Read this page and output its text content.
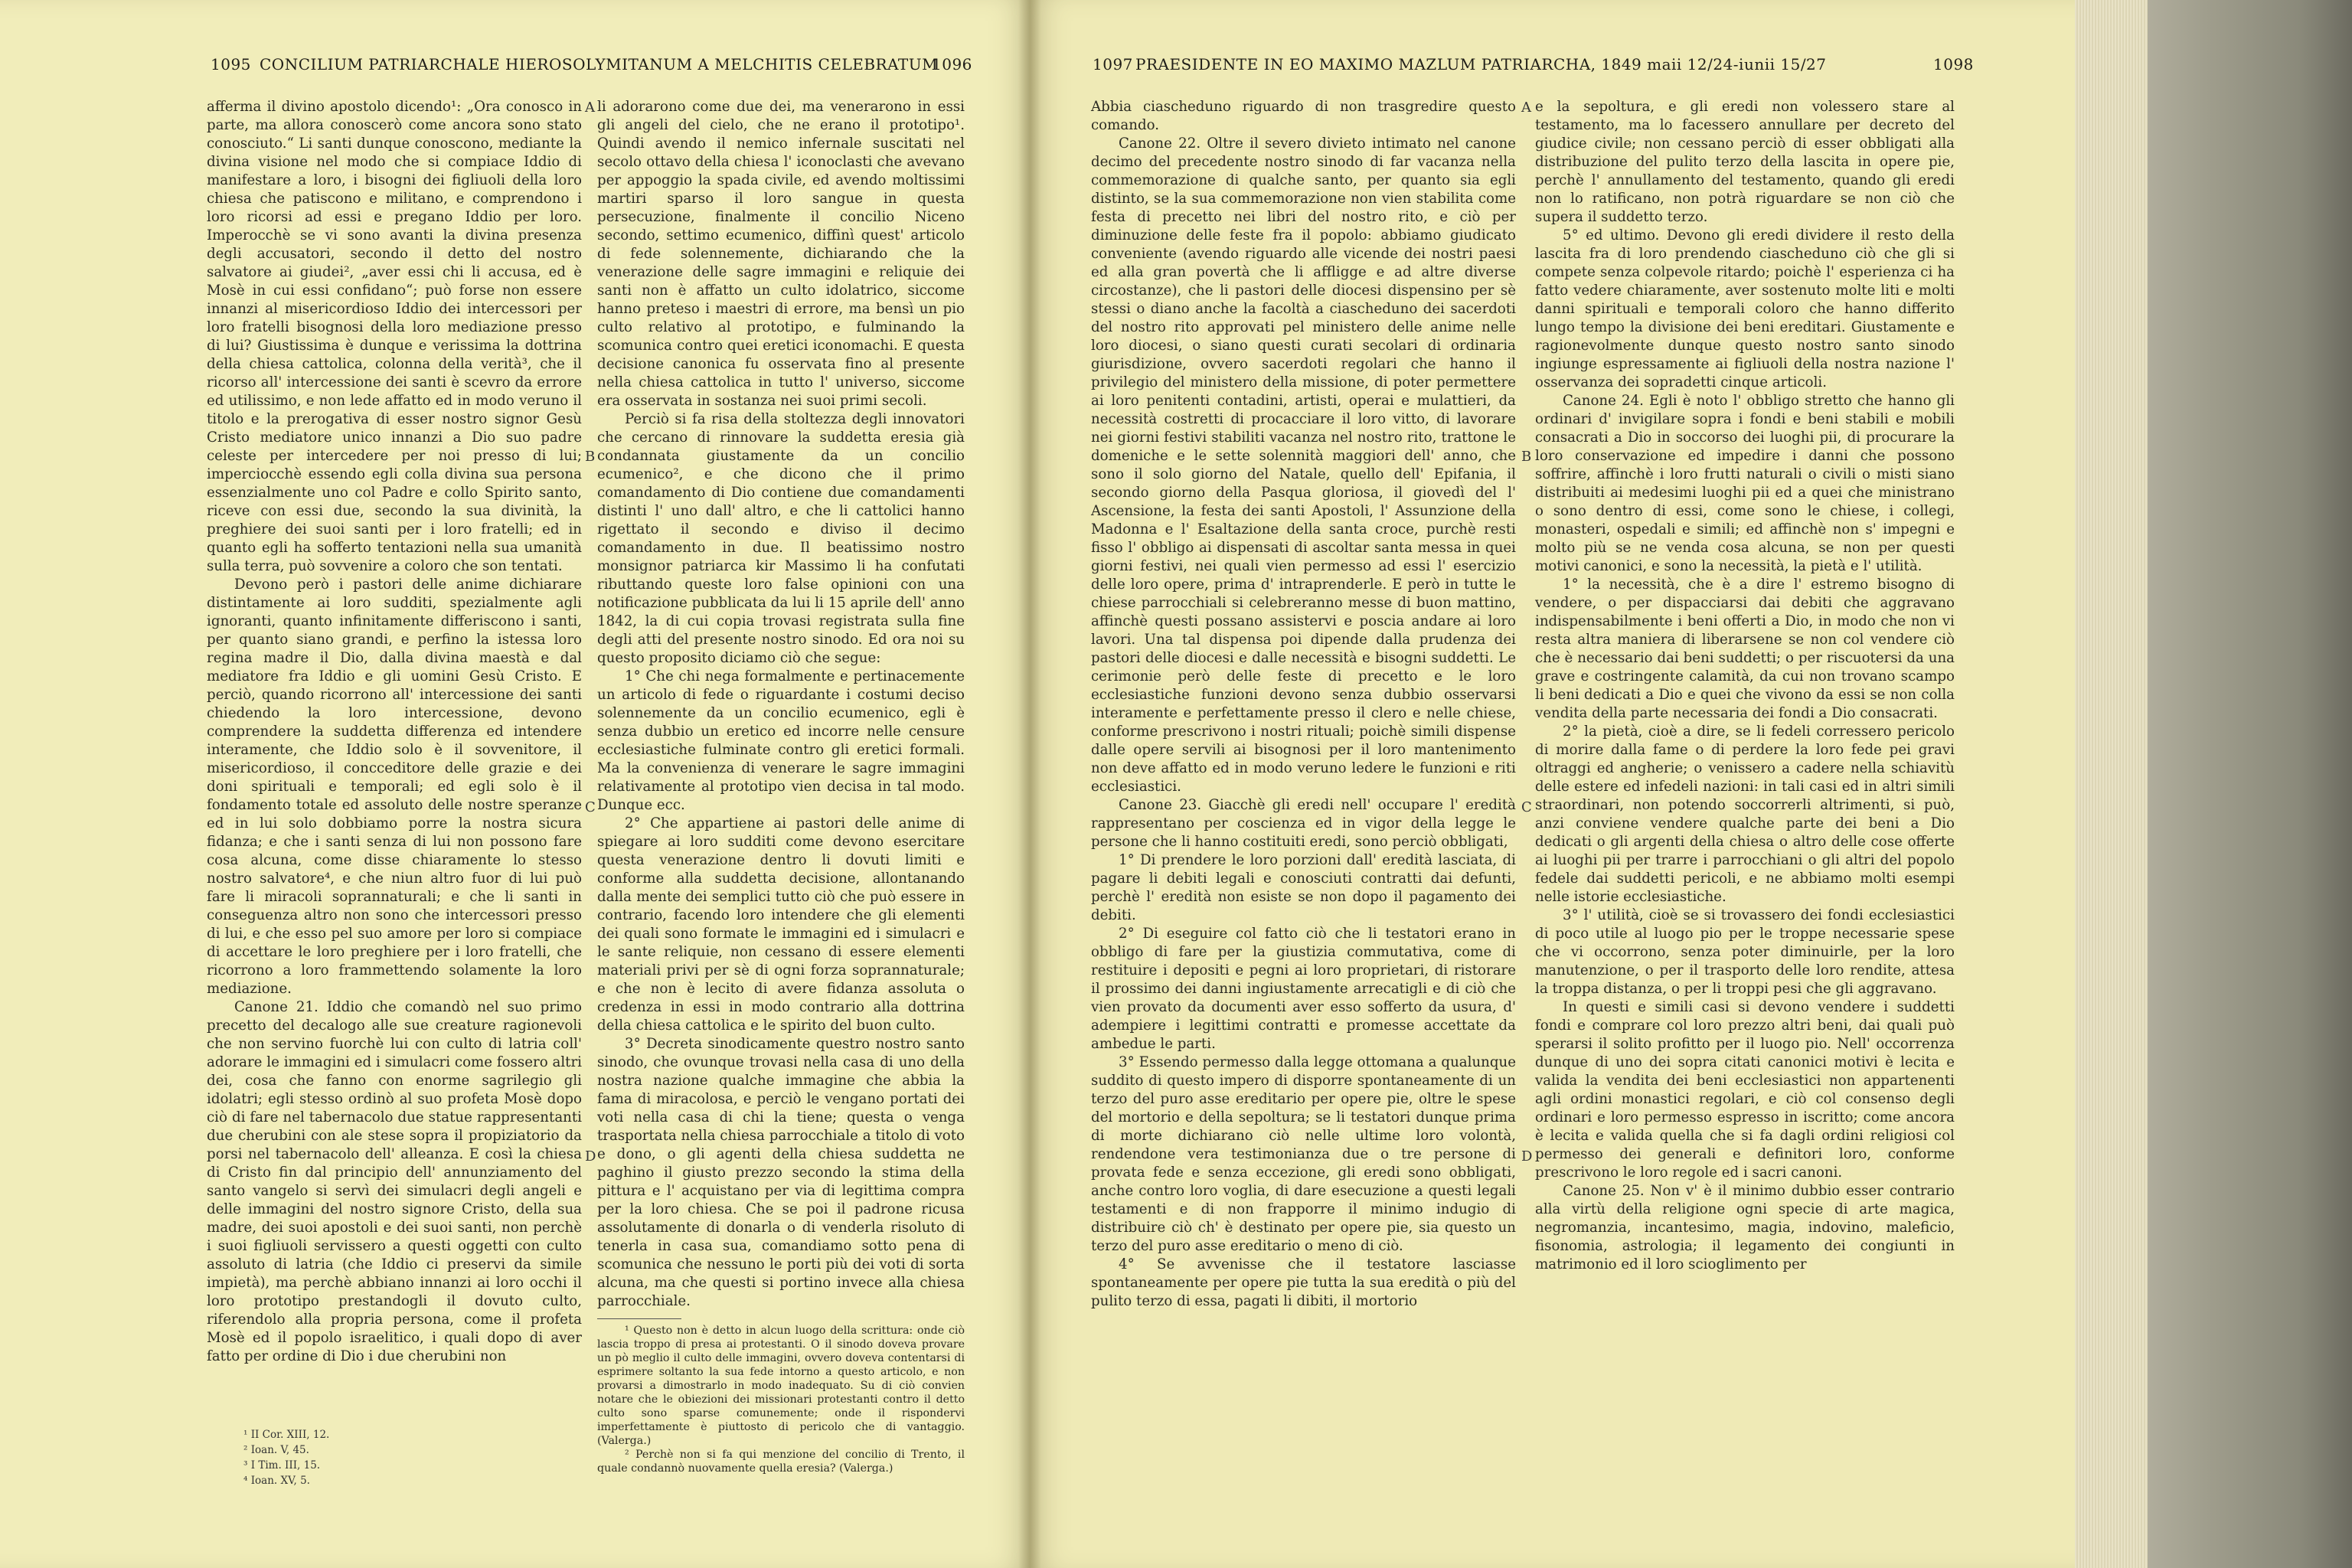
1095 CONCILIUM PATRIARCHALE HIEROSOLYMITANUM A MELCHITIS CELEBRATUM
1096

afferma il divino apostolo dicendo¹: „Ora conosco in parte, ma allora conoscerò come ancora sono stato conosciuto.“ Li santi dunque conoscono, mediante la divina visione nel modo che si compiace Iddio di manifestare a loro, i bisogni dei figliuoli della loro chiesa che patiscono e militano, e comprendono i loro ricorsi ad essi e pregano Iddio per loro. Imperocchè se vi sono avanti la divina presenza degli accusatori, secondo il detto del nostro salvatore ai giudei², „aver essi chi li accusa, ed è Mosè in cui essi confidano“; può forse non essere innanzi al misericordioso Iddio dei intercessori per loro fratelli bisognosi della loro mediazione presso di lui? Giustissima è dunque e verissima la dottrina della chiesa cattolica, colonna della verità³, che il ricorso all' intercessione dei santi è scevro da errore ed utilissimo, e non lede affatto ed in modo veruno il titolo e la prerogativa di esser nostro signor Gesù Cristo mediatore unico innanzi a Dio suo padre celeste per intercedere per noi presso di lui; imperciocchè essendo egli colla divina sua persona essenzialmente uno col Padre e collo Spirito santo, riceve con essi due, secondo la sua divinità, la preghiere dei suoi santi per i loro fratelli; ed in quanto egli ha sofferto tentazioni nella sua umanità sulla terra, può sovvenire a coloro che son tentati.

Devono però i pastori delle anime dichiarare distintamente ai loro sudditi, spezialmente agli ignoranti, quanto infinitamente differiscono i santi, per quanto siano grandi, e perfino la istessa loro regina madre il Dio, dalla divina maestà e dal mediatore fra Iddio e gli uomini Gesù Cristo. E perciò, quando ricorrono all' intercessione dei santi chiedendo la loro intercessione, devono comprendere la suddetta differenza ed intendere interamente, che Iddio solo è il sovvenitore, il misericordioso, il concceditore delle grazie e dei doni spirituali e temporali; ed egli solo è il fondamento totale ed assoluto delle nostre speranze ed in lui solo dobbiamo porre la nostra sicura fidanza; e che i santi senza di lui non possono fare cosa alcuna, come disse chiaramente lo stesso nostro salvatore⁴, e che niun altro fuor di lui può fare li miracoli soprannaturali; e che li santi in conseguenza altro non sono che intercessori presso di lui, e che esso pel suo amore per loro si compiace di accettare le loro preghiere per i loro fratelli, che ricorrono a loro frammettendo solamente la loro mediazione.

Canone 21. Iddio che comandò nel suo primo precetto del decalogo alle sue creature ragionevoli che non servino fuorchè lui con culto di latria coll' adorare le immagini ed i simulacri come fossero altri dei, cosa che fanno con enorme sagrilegio gli idolatri; egli stesso ordinò al suo profeta Mosè dopo ciò di fare nel tabernacolo due statue rappresentanti due cherubini con ale stese sopra il propiziatorio da porsi nel tabernacolo dell' alleanza. E così la chiesa di Cristo fin dal principio dell' annunziamento del santo vangelo si servì dei simulacri degli angeli e delle immagini del nostro signore Cristo, della sua madre, dei suoi apostoli e dei suoi santi, non perchè i suoi figliuoli servissero a questi oggetti con culto assoluto di latria (che Iddio ci preservi da simile impietà), ma perchè abbiano innanzi ai loro occhi il loro prototipo prestandogli il dovuto culto, riferendolo alla propria persona, come il profeta Mosè ed il popolo israelitico, i quali dopo di aver fatto per ordine di Dio i due cherubini non

¹ II Cor. XIII, 12.
² Ioan. V, 45.
³ I Tim. III, 15.
⁴ Ioan. XV, 5.
A
B
C
D

li adorarono come due dei, ma venerarono in essi gli angeli del cielo, che ne erano il prototipo¹. Quindi avendo il nemico infernale suscitati nel secolo ottavo della chiesa l' iconoclasti che avevano per appoggio la spada civile, ed avendo moltissimi martiri sparso il loro sangue in questa persecuzione, finalmente il concilio Niceno secondo, settimo ecumenico, diffinì quest' articolo di fede solennemente, dichiarando che la venerazione delle sagre immagini e reliquie dei santi non è affatto un culto idolatrico, siccome hanno preteso i maestri di errore, ma bensì un pio culto relativo al prototipo, e fulminando la scomunica contro quei eretici iconomachi. E questa decisione canonica fu osservata fino al presente nella chiesa cattolica in tutto l' universo, siccome era osservata in sostanza nei suoi primi secoli.

Perciò si fa risa della stoltezza degli innovatori che cercano di rinnovare la suddetta eresia già condannata giustamente da un concilio ecumenico², e che dicono che il primo comandamento di Dio contiene due comandamenti distinti l' uno dall' altro, e che li cattolici hanno rigettato il secondo e diviso il decimo comandamento in due. Il beatissimo nostro monsignor patriarca kir Massimo li ha confutati ributtando queste loro false opinioni con una notificazione pubblicata da lui li 15 aprile dell' anno 1842, la di cui copia trovasi registrata sulla fine degli atti del presente nostro sinodo. Ed ora noi su questo proposito diciamo ciò che segue:

1° Che chi nega formalmente e pertinacemente un articolo di fede o riguardante i costumi deciso solennemente da un concilio ecumenico, egli è senza dubbio un eretico ed incorre nelle censure ecclesiastiche fulminate contro gli eretici formali. Ma la convenienza di venerare le sagre immagini relativamente al prototipo vien decisa in tal modo. Dunque ecc.

2° Che appartiene ai pastori delle anime di spiegare ai loro sudditi come devono esercitare questa venerazione dentro li dovuti limiti e conforme alla suddetta decisione, allontanando dalla mente dei semplici tutto ciò che può essere in contrario, facendo loro intendere che gli elementi dei quali sono formate le immagini ed i simulacri e le sante reliquie, non cessano di essere elementi materiali privi per sè di ogni forza soprannaturale; e che non è lecito di avere fidanza assoluta o credenza in essi in modo contrario alla dottrina della chiesa cattolica e le spirito del buon culto.

3° Decreta sinodicamente questro nostro santo sinodo, che ovunque trovasi nella casa di uno della nostra nazione qualche immagine che abbia la fama di miracolosa, e perciò le vengano portati dei voti nella casa di chi la tiene; questa o venga trasportata nella chiesa parrocchiale a titolo di voto e dono, o gli agenti della chiesa suddetta ne paghino il giusto prezzo secondo la stima della pittura e l' acquistano per via di legittima compra per la loro chiesa. Che se poi il padrone ricusa assolutamente di donarla o di venderla risoluto di tenerla in casa sua, comandiamo sotto pena di scomunica che nessuno le porti più dei voti di sorta alcuna, ma che questi si portino invece alla chiesa parrocchiale.

¹ Questo non è detto in alcun luogo della scrittura: onde ciò lascia troppo di presa ai protestanti. O il sinodo doveva provare un pò meglio il culto delle immagini, ovvero doveva contentarsi di esprimere soltanto la sua fede intorno a questo articolo, e non provarsi a dimostrarlo in modo inadequato. Su di ciò convien notare che le obiezioni dei missionari protestanti contro il detto culto sono sparse comunemente; onde il rispondervi imperfettamente è piuttosto di pericolo che di vantaggio. (Valerga.)

² Perchè non si fa qui menzione del concilio di Trento, il quale condannò nuovamente quella eresia? (Valerga.)

1097 PRAESIDENTE IN EO MAXIMO MAZLUM PATRIARCHA, 1849 maii 12/24-iunii 15/27	1098

Abbia ciascheduno riguardo di non trasgredire questo comando.

Canone 22. Oltre il severo divieto intimato nel canone decimo del precedente nostro sinodo di far vacanza nella commemorazione di qualche santo, per quanto sia egli distinto, se la sua commemorazione non vien stabilita come festa di precetto nei libri del nostro rito, e ciò per diminuzione delle feste fra il popolo: abbiamo giudicato conveniente (avendo riguardo alle vicende dei nostri paesi ed alla gran povertà che li affligge e ad altre diverse circostanze), che li pastori delle diocesi dispensino per sè stessi o diano anche la facoltà a ciascheduno dei sacerdoti del nostro rito approvati pel ministero delle anime nelle loro diocesi, o siano questi curati secolari di ordinaria giurisdizione, ovvero sacerdoti regolari che hanno il privilegio del ministero della missione, di poter permettere ai loro penitenti contadini, artisti, operai e mulattieri, da necessità costretti di procacciare il loro vitto, di lavorare nei giorni festivi stabiliti vacanza nel nostro rito, trattone le domeniche e le sette solennità maggiori dell' anno, che sono il solo giorno del Natale, quello dell' Epifania, il secondo giorno della Pasqua gloriosa, il giovedì del l' Ascensione, la festa dei santi Apostoli, l' Assunzione della Madonna e l' Esaltazione della santa croce, purchè resti fisso l' obbligo ai dispensati di ascoltar santa messa in quei giorni festivi, nei quali vien permesso ad essi l' esercizio delle loro opere, prima d' intraprenderle. E però in tutte le chiese parrocchiali si celebreranno messe di buon mattino, affinchè questi possano assistervi e poscia andare ai loro lavori. Una tal dispensa poi dipende dalla prudenza dei pastori delle diocesi e dalle necessità e bisogni suddetti. Le cerimonie però delle feste di precetto e le loro ecclesiastiche funzioni devono senza dubbio osservarsi interamente e perfettamente presso il clero e nelle chiese, conforme prescrivono i nostri rituali; poichè simili dispense dalle opere servili ai bisognosi per il loro mantenimento non deve affatto ed in modo veruno ledere le funzioni e riti ecclesiastici.

Canone 23. Giacchè gli eredi nell' occupare l' eredità rappresentano per coscienza ed in vigor della legge le persone che li hanno costituiti eredi, sono perciò obbligati,

1° Di prendere le loro porzioni dall' eredità lasciata, di pagare li debiti legali e conosciuti contratti dai defunti, perchè l' eredità non esiste se non dopo il pagamento dei debiti.

2° Di eseguire col fatto ciò che li testatori erano in obbligo di fare per la giustizia commutativa, come di restituire i depositi e pegni ai loro proprietari, di ristorare il prossimo dei danni ingiustamente arrecatigli e di ciò che vien provato da documenti aver esso sofferto da usura, d' adempiere i legittimi contratti e promesse accettate da ambedue le parti.

3° Essendo permesso dalla legge ottomana a qualunque suddito di questo impero di disporre spontaneamente di un terzo del puro asse ereditario per opere pie, oltre le spese del mortorio e della sepoltura; se li testatori dunque prima di morte dichiarano ciò nelle ultime loro volontà, rendendone vera testimonianza due o tre persone di provata fede e senza eccezione, gli eredi sono obbligati, anche contro loro voglia, di dare esecuzione a questi legali testamenti e di non frapporre il minimo indugio di distribuire ciò ch' è destinato per opere pie, sia questo un terzo del puro asse ereditario o meno di ciò.

4° Se avvenisse che il testatore lasciasse spontaneamente per opere pie tutta la sua eredità o più del pulito terzo di essa, pagati li dibiti, il mortorio

A
B
C
D

e la sepoltura, e gli eredi non volessero stare al testamento, ma lo facessero annullare per decreto del giudice civile; non cessano perciò di esser obbligati alla distribuzione del pulito terzo della lascita in opere pie, perchè l' annullamento del testamento, quando gli eredi non lo ratificano, non potrà riguardare se non ciò che supera il suddetto terzo.

5° ed ultimo. Devono gli eredi dividere il resto della lascita fra di loro prendendo ciascheduno ciò che gli si compete senza colpevole ritardo; poichè l' esperienza ci ha fatto vedere chiaramente, aver sostenuto molte liti e molti danni spirituali e temporali coloro che hanno differito lungo tempo la divisione dei beni ereditari. Giustamente e ragionevolmente dunque questo nostro santo sinodo ingiunge espressamente ai figliuoli della nostra nazione l' osservanza dei sopradetti cinque articoli.

Canone 24. Egli è noto l' obbligo stretto che hanno gli ordinari d' invigilare sopra i fondi e beni stabili e mobili consacrati a Dio in soccorso dei luoghi pii, di procurare la loro conservazione ed impedire i danni che possono soffrire, affinchè i loro frutti naturali o civili o misti siano distribuiti ai medesimi luoghi pii ed a quei che ministrano o sono dentro di essi, come sono le chiese, i collegi, monasteri, ospedali e simili; ed affinchè non s' impegni e molto più se ne venda cosa alcuna, se non per questi motivi canonici, e sono la necessità, la pietà e l' utilità.

1° la necessità, che è a dire l' estremo bisogno di vendere, o per dispacciarsi dai debiti che aggravano indispensabilmente i beni offerti a Dio, in modo che non vi resta altra maniera di liberarsene se non col vendere ciò che è necessario dai beni suddetti; o per riscuotersi da una grave e costringente calamità, da cui non trovano scampo li beni dedicati a Dio e quei che vivono da essi se non colla vendita della parte necessaria dei fondi a Dio consacrati.

2° la pietà, cioè a dire, se li fedeli corressero pericolo di morire dalla fame o di perdere la loro fede pei gravi oltraggi ed angherie; o venissero a cadere nella schiavitù delle estere ed infedeli nazioni: in tali casi ed in altri simili straordinari, non potendo soccorrerli altrimenti, si può, anzi conviene vendere qualche parte dei beni a Dio dedicati o gli argenti della chiesa o altro delle cose offerte ai luoghi pii per trarre i parrocchiani o gli altri del popolo fedele dai suddetti pericoli, e ne abbiamo molti esempi nelle istorie ecclesiastiche.

3° l' utilità, cioè se si trovassero dei fondi ecclesiastici di poco utile al luogo pio per le troppe necessarie spese che vi occorrono, senza poter diminuirle, per la loro manutenzione, o per il trasporto delle loro rendite, attesa la troppa distanza, o per li troppi pesi che gli aggravano.

In questi e simili casi si devono vendere i suddetti fondi e comprare col loro prezzo altri beni, dai quali può sperarsi il solito profitto per il luogo pio. Nell' occorrenza dunque di uno dei sopra citati canonici motivi è lecita e valida la vendita dei beni ecclesiastici non appartenenti agli ordini monastici regolari, e ciò col consenso degli ordinari e loro permesso espresso in iscritto; come ancora è lecita e valida quella che si fa dagli ordini religiosi col permesso dei generali e definitori loro, conforme prescrivono le loro regole ed i sacri canoni.

Canone 25. Non v' è il minimo dubbio esser contrario alla virtù della religione ogni specie di arte magica, negromanzia, incantesimo, magia, indovino, maleficio, fisonomia, astrologia; il legamento dei congiunti in matrimonio ed il loro scioglimento per
